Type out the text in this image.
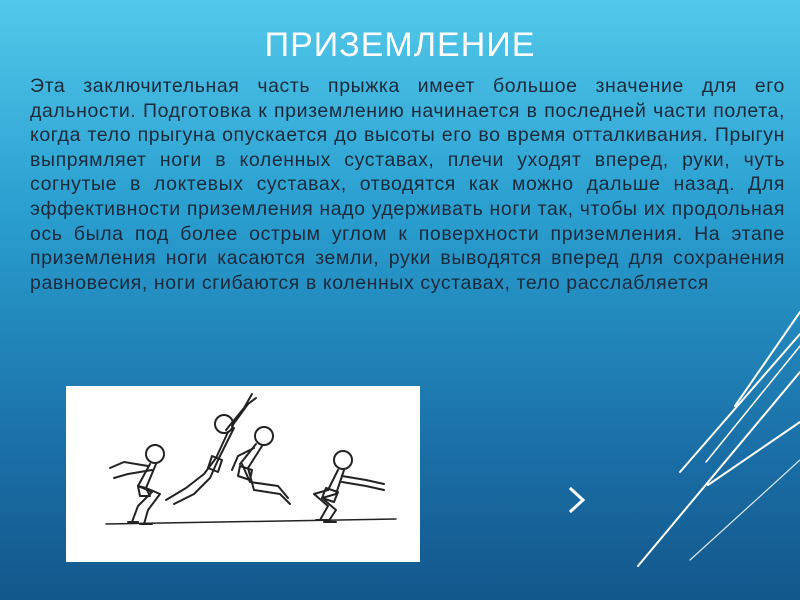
ПРИЗЕМЛЕНИЕ

Эта заключительная часть прыжка имеет большое значение для его дальности. Подготовка к приземлению начинается в последней части полета, когда тело прыгуна опускается до высоты его во время отталкивания. Прыгун выпрямляет ноги в коленных суставах, плечи уходят вперед, руки, чуть согнутые в локтевых суставах, отводятся как можно дальше назад. Для эффективности приземления надо удерживать ноги так, чтобы их продольная ось была под более острым углом к поверхности приземления. На этапе приземления ноги касаются земли, руки выводятся вперед для сохранения равновесия, ноги сгибаются в коленных суставах, тело расслабляется
